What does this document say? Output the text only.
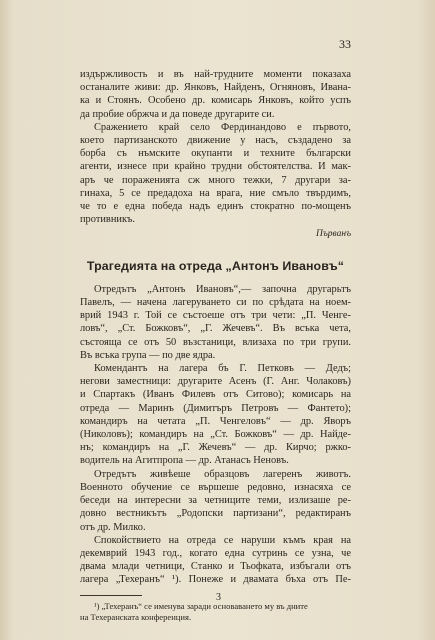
33

издържливость и въ най-трудните моменти показаха
останалите живи: др. Янковъ, Найденъ, Огняновъ, Ивана-
ка и Стоянъ. Особено др. комисарь Янковъ, който успъ
да пробие обржча и да поведе другарите си.

Сражението край село Фердинандово е първото,
което партизанското движение у насъ, създадено за
борба съ нъмските окупанти и техните български
агенти, изнесе при крайно трудни обстоятелства. И мак-
аръ че пораженията сж много тежки, 7 другари за-
гинаха, 5 се предадоха на врага, ние смъло твърдимъ,
че то е една победа надъ единъ стократно по-мощенъ
противникъ.

Първанъ
Трагедията на отреда „Антонъ Ивановъ“

Отредътъ „Антонъ Ивановъ“,— започна другарьтъ
Павелъ, — начена лагеруването си по срѣдата на ноем-
врий 1943 г. Той се състоеше отъ три чети: „П. Ченге-
ловъ“, „Ст. Божковъ“, „Г. Жечевъ“. Въ всъка чета,
състояща се отъ 50 възстаници, влизаха по три групи.
Въ всъка група — по две ядра.

Комендантъ на лагера бъ Г. Петковъ — Дедъ;
негови заместници: другарите Асенъ (Г. Анг. Чолаковъ)
и Спартакъ (Иванъ Филевъ отъ Ситово); комисарь на
отреда — Маринъ (Димитъръ Петровъ — Фантето);
командиръ на четата „П. Ченгеловъ“ — др. Яворъ
(Николовъ); командиръ на „Ст. Божковъ“ — др. Найде-
нъ; командиръ на „Г. Жечевъ“ — др. Кирчо; ржко-
водитель на Агитпропа — др. Атанасъ Неновъ.

Отредътъ живѣеше образцовъ лагеренъ животъ.
Военното обучение се вършеше редовно, изнасяха се
беседи на интересни за четниците теми, излизаше ре-
довно вестникътъ „Родопски партизани“, редактиранъ
отъ др. Милко.

Спокойствието на отреда се наруши къмъ края на
декемврий 1943 год., когато една сутринь се узна, че
двама млади четници, Станко и Тьофката, избъгали отъ
лагера „Техеранъ“ ¹). Понеже и двамата бъха отъ Пе-

¹) „Техеранъ“ се именува заради основаването му въ дните
на Техеранската конференция.
3
